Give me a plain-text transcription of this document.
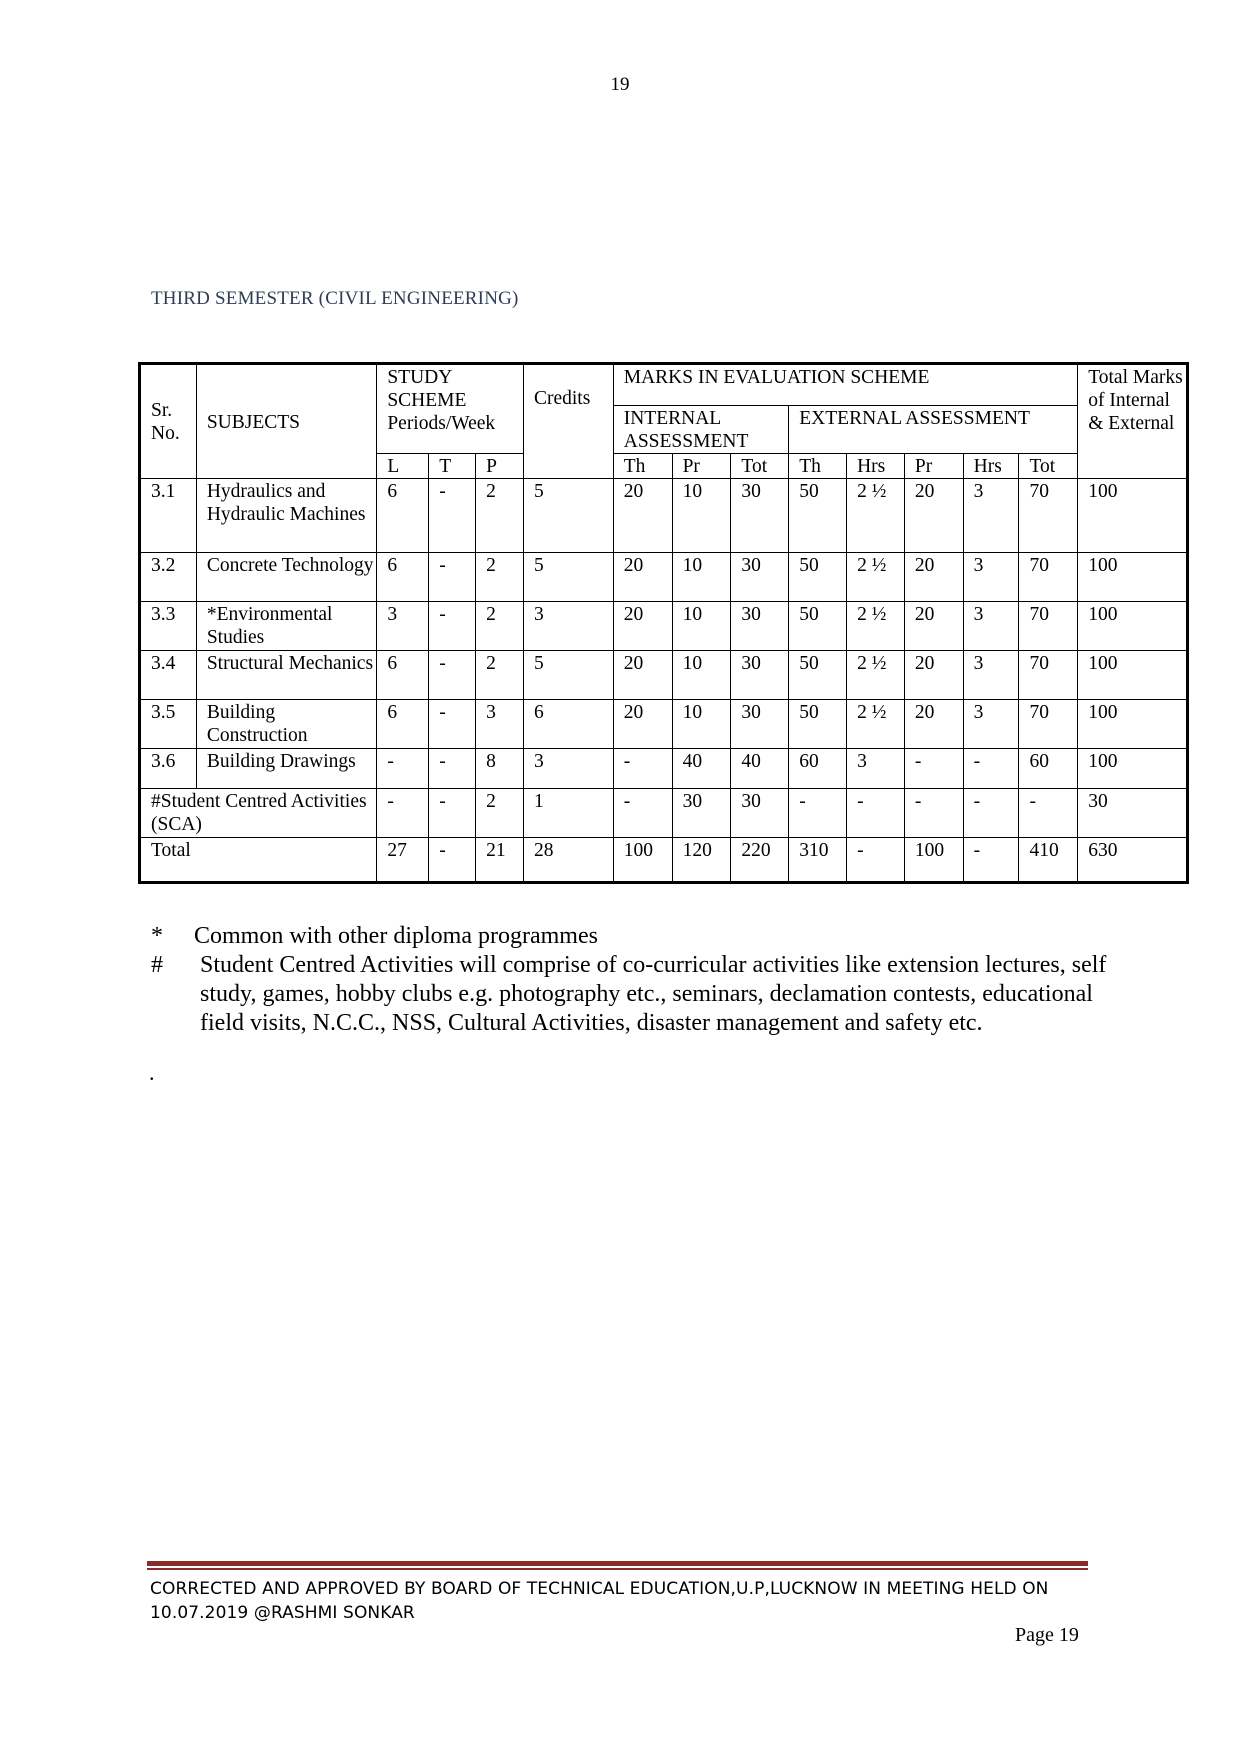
19
THIRD SEMESTER (CIVIL ENGINEERING)
Sr. No.	SUBJECTS	STUDY SCHEME Periods/Week			Credits	MARKS IN EVALUATION SCHEME								Total Marks of Internal & External
						INTERNAL ASSESSMENT			EXTERNAL ASSESSMENT					
		L	T	P		Th	Pr	Tot	Th	Hrs	Pr	Hrs	Tot	
3.1	Hydraulics and Hydraulic Machines	6	-	2	5	20	10	30	50	2 ½	20	3	70	100
3.2	Concrete Technology	6	-	2	5	20	10	30	50	2 ½	20	3	70	100
3.3	*Environmental Studies	3	-	2	3	20	10	30	50	2 ½	20	3	70	100
3.4	Structural Mechanics	6	-	2	5	20	10	30	50	2 ½	20	3	70	100
3.5	Building Construction	6	-	3	6	20	10	30	50	2 ½	20	3	70	100
3.6	Building Drawings	-	-	8	3	-	40	40	60	3	-	-	60	100
#Student Centred Activities (SCA)		-	-	2	1	-	30	30	-	-	-	-	-	30
Total		27	-	21	28	100	120	220	310	-	100	-	410	630
*	Common with other diploma programmes
#	Student Centred Activities will comprise of co-curricular activities like extension lectures, self study, games, hobby clubs e.g. photography etc., seminars, declamation contests, educational field visits, N.C.C., NSS, Cultural Activities, disaster management and safety etc.
.
CORRECTED AND APPROVED BY BOARD OF TECHNICAL EDUCATION,U.P,LUCKNOW IN MEETING HELD ON 10.07.2019 @RASHMI SONKAR
Page 19
